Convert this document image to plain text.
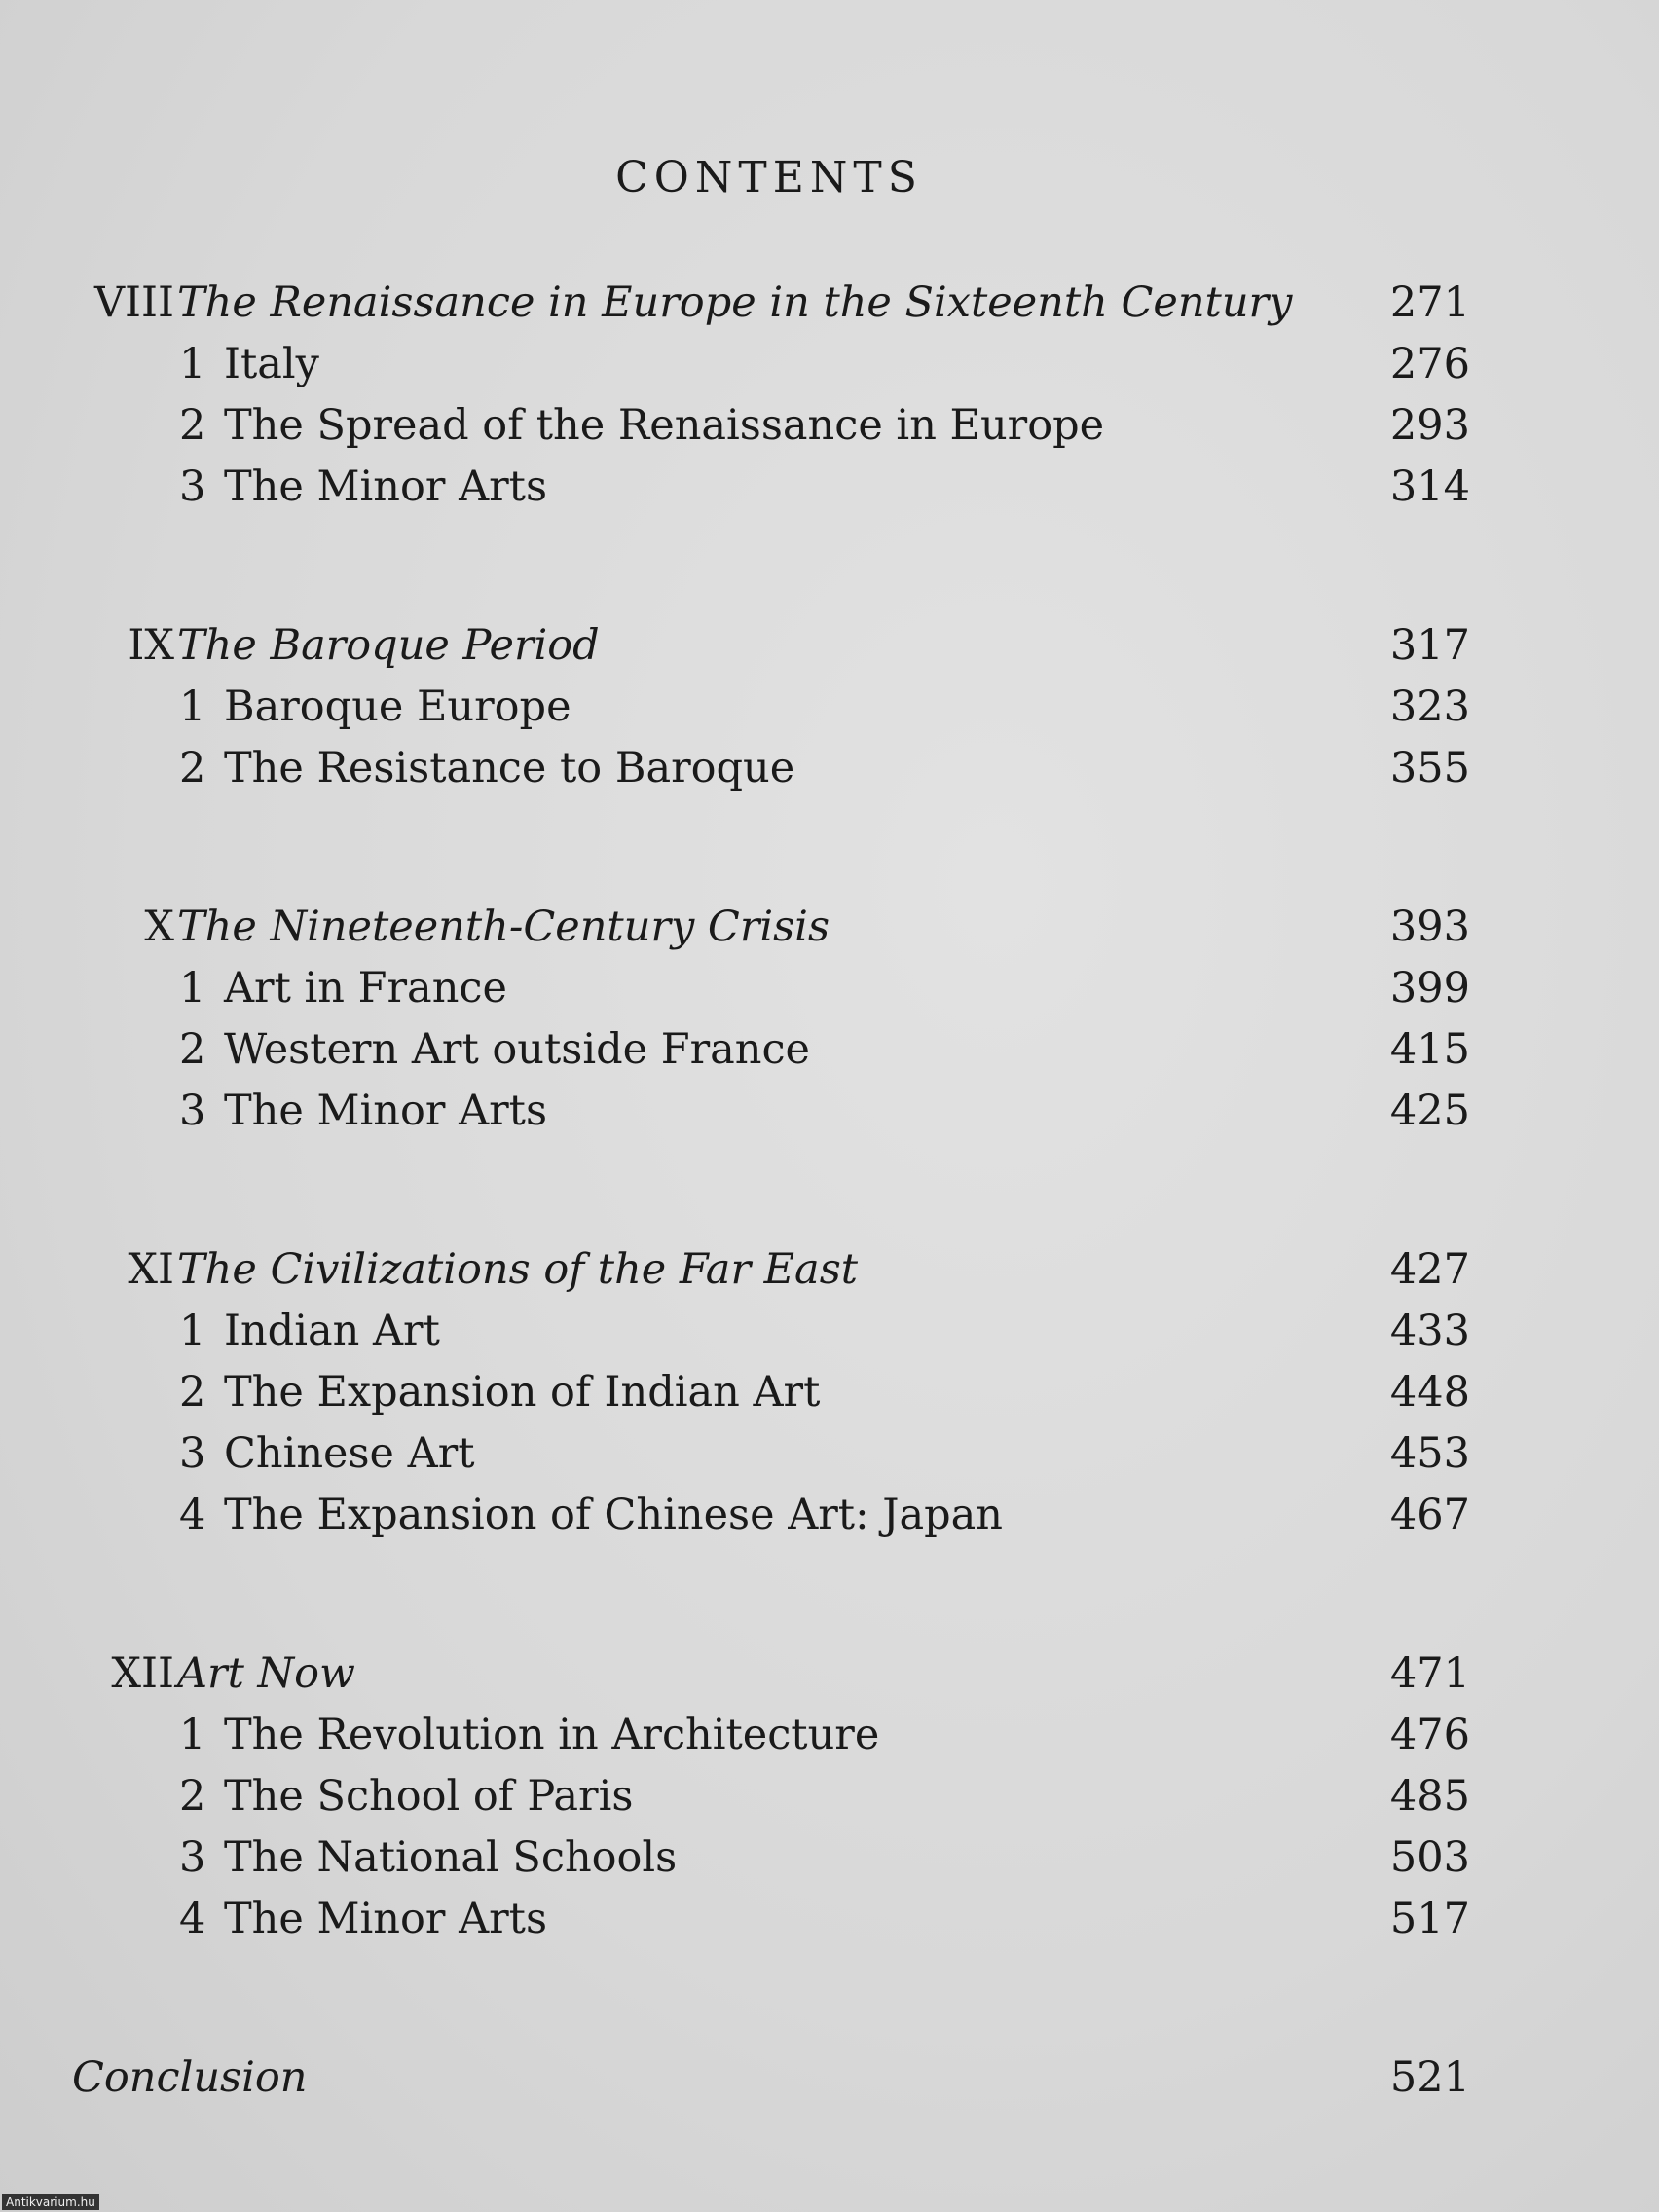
CONTENTS
VIII The Renaissance in Europe in the Sixteenth Century 271
1 Italy	276
2 The Spread of the Renaissance in Europe	293
3 The Minor Arts	314
IX The Baroque Period	317
1 Baroque Europe	323
2 The Resistance to Baroque	355
X The Nineteenth-Century Crisis	393
1 Art in France	399
2 Western Art outside France	415
3 The Minor Arts	425
XI The Civilizations of the Far East	427
1 Indian Art	433
2 The Expansion of Indian Art	448
3 Chinese Art	453
4 The Expansion of Chinese Art: Japan	467
XII Art Now	471
1 The Revolution in Architecture	476
2 The School of Paris	485
3 The National Schools	503
4 The Minor Arts	517
Conclusion	521
Antikvarium.hu
